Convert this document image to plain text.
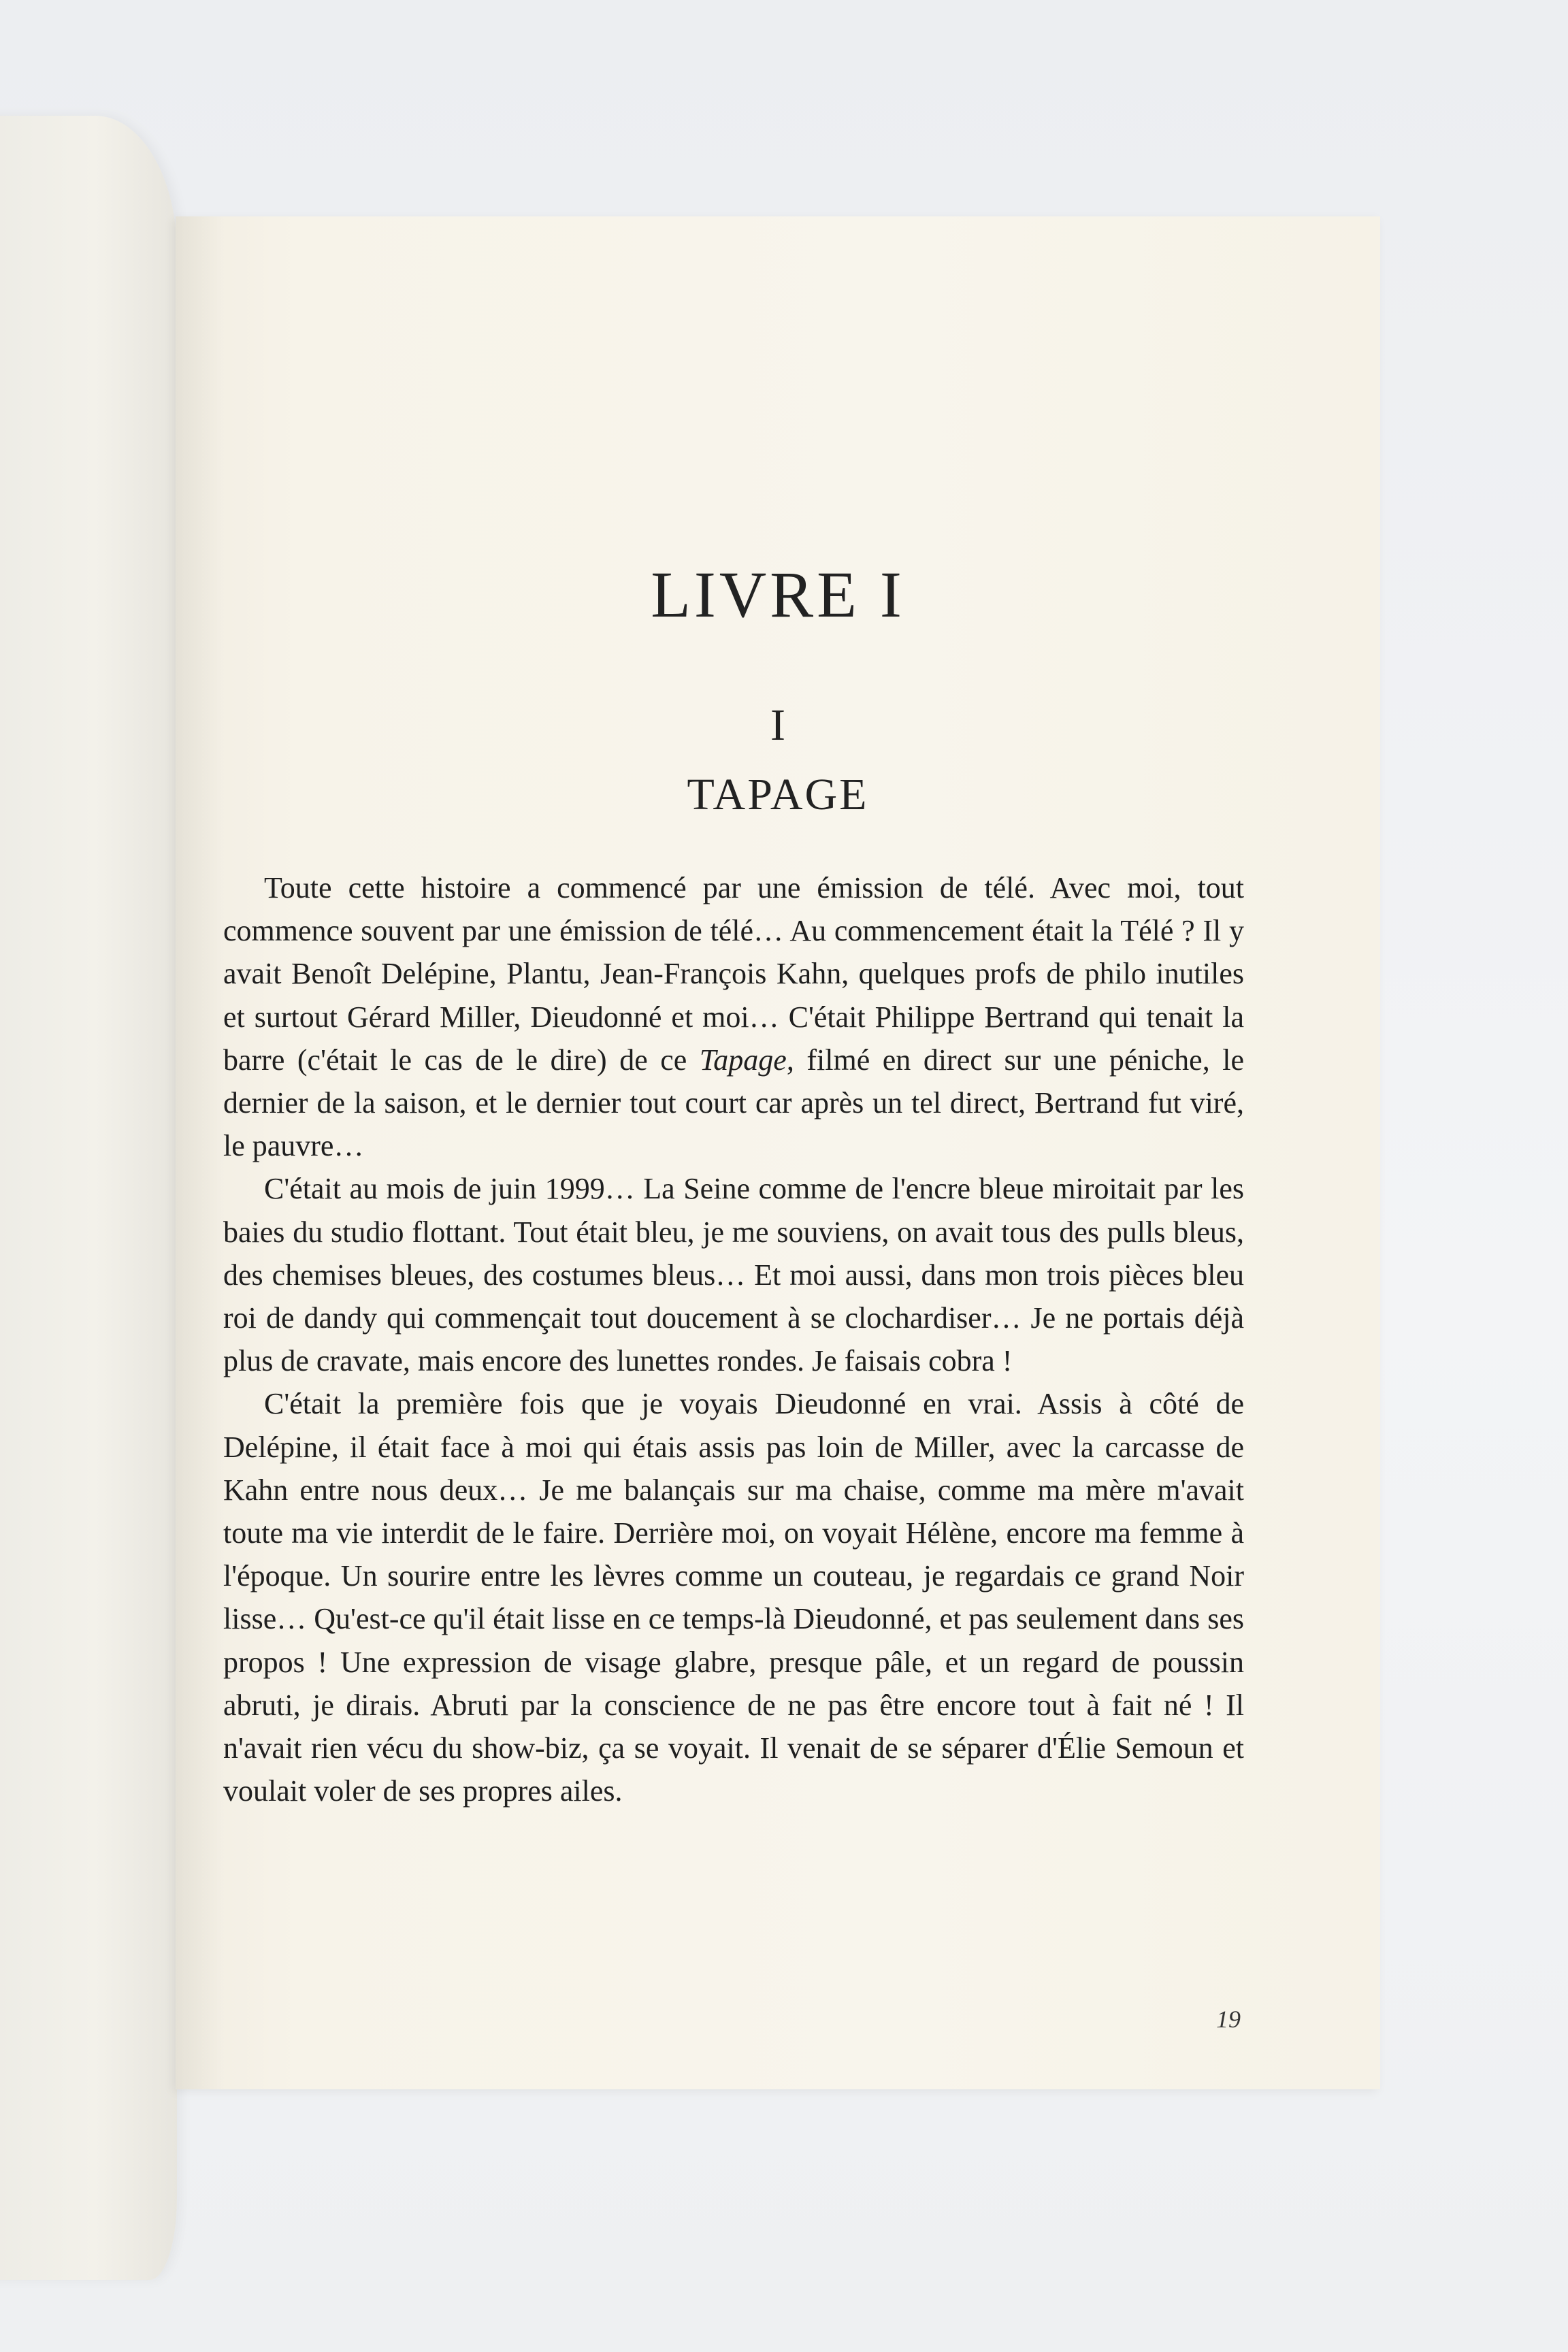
LIVRE I
I
TAPAGE

Toute cette histoire a commencé par une émission de télé. Avec moi, tout commence souvent par une émission de télé… Au commencement était la Télé ? Il y avait Benoît Delépine, Plantu, Jean-François Kahn, quelques profs de philo inutiles et surtout Gérard Miller, Dieudonné et moi… C'était Philippe Bertrand qui tenait la barre (c'était le cas de le dire) de ce Tapage, filmé en direct sur une péniche, le dernier de la saison, et le dernier tout court car après un tel direct, Bertrand fut viré, le pauvre…

C'était au mois de juin 1999… La Seine comme de l'encre bleue miroitait par les baies du studio flottant. Tout était bleu, je me souviens, on avait tous des pulls bleus, des chemises bleues, des costumes bleus… Et moi aussi, dans mon trois pièces bleu roi de dandy qui commençait tout doucement à se clochardiser… Je ne portais déjà plus de cravate, mais encore des lunettes rondes. Je faisais cobra !

C'était la première fois que je voyais Dieudonné en vrai. Assis à côté de Delépine, il était face à moi qui étais assis pas loin de Miller, avec la carcasse de Kahn entre nous deux… Je me balançais sur ma chaise, comme ma mère m'avait toute ma vie interdit de le faire. Derrière moi, on voyait Hélène, encore ma femme à l'époque. Un sourire entre les lèvres comme un couteau, je regardais ce grand Noir lisse… Qu'est-ce qu'il était lisse en ce temps-là Dieudonné, et pas seulement dans ses propos ! Une expression de visage glabre, presque pâle, et un regard de poussin abruti, je dirais. Abruti par la conscience de ne pas être encore tout à fait né ! Il n'avait rien vécu du show-biz, ça se voyait. Il venait de se séparer d'Élie Semoun et voulait voler de ses propres ailes.

19
